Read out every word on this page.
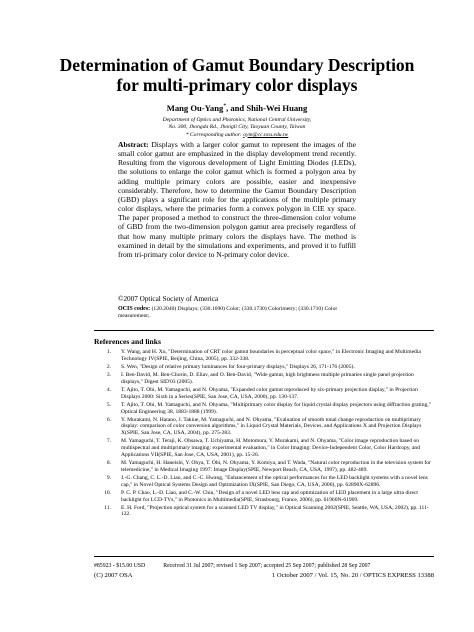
Determination of Gamut Boundary Description
for multi-primary color displays
Mang Ou-Yang*, and Shih-Wei Huang
Department of Optics and Photonics, National Central University,
No. 300, Jhongda Rd., Jhongli City, Taoyuan County, Taiwan
* Corresponding author: oym@cc.ncu.edu.tw
Abstract: Displays with a larger color gamut to represent the images of the small color gamut are emphasized in the display development trend recently. Resulting from the vigorous development of Light Emitting Diodes (LEDs), the solutions to enlarge the color gamut which is formed a polygon area by adding multiple primary colors are possible, easier and inexpensive considerably. Therefore, how to determine the Gamut Boundary Description (GBD) plays a significant role for the applications of the multiple primary color displays, where the primaries form a convex polygon in CIE xy space. The paper proposed a method to construct the three-dimension color volume of GBD from the two-dimension polygon gamut area precisely regardless of that how many multiple primary colors the displays have. The method is examined in detail by the simulations and experiments, and proved it to fulfill from tri-primary color device to N-primary color device.
©2007 Optical Society of America
OCIS codes: (120.2040) Displays; (330.1690) Color; (330.1730) Colorimetry; (330.1710) Color measurement;.
References and links
1.	Y. Wang, and H. Xu, "Determination of CRT color gamut boundaries in perceptual color space," in Electronic Imaging and Multimedia Technology IV(SPIE, Beijing, China, 2005), pp. 332-338.
2.	S. Wen, "Design of relative primary luminances for four-primary displays," Displays 26, 171-176 (2005).
3.	I. Ben-David, M. Ben-Chorin, D. Eliav, and O. Ben-David, "Wide gamut, high brightness multiple primaries single panel projection displays," Digest SID'03 (2005).
4.	T. Ajito, T. Obi, M. Yamaguchi, and N. Ohyama, "Expanded color gamut reproduced by six-primary projection display," in Projection Displays 2000: Sixth in a Series(SPIE, San Jose, CA, USA, 2000), pp. 130-137.
5.	T. Ajito, T. Obi, M. Yamaguchi, and N. Ohyama, "Multiprimary color display for liquid crystal display projectors using diffraction grating," Optical Engineering 38, 1883-1888 (1999).
6.	Y. Murakami, N. Hatano, J. Takiue, M. Yamaguchi, and N. Ohyama, "Evaluation of smooth tonal change reproduction on multiprimary display: comparison of color conversion algorithms," in Liquid Crystal Materials, Devices, and Applications X and Projection Displays X(SPIE, San Jose, CA, USA, 2004), pp. 275-283.
7.	M. Yamaguchi, T. Teraji, K. Ohsawa, T. Uchiyama, H. Motomura, Y. Murakami, and N. Ohyama, "Color image reproduction based on multispectral and multiprimary imaging: experimental evaluation," in Color Imaging: Device-Independent Color, Color Hardcopy, and Applications VII(SPIE, San Jose, CA, USA, 2001), pp. 15-26.
8.	M. Yamaguchi, H. Haneishi, Y. Ohya, T. Obi, N. Ohyama, Y. Komiya, and T. Wada, "Natural color reproduction in the television system for telemedicine," in Medical Imaging 1997: Image Display(SPIE, Newport Beach, CA, USA, 1997), pp. 482-489.
9.	J.-G. Chang, C. L.-D. Liao, and C.-C. Hwang, "Enhancement of the optical performances for the LED backlight systems with a novel lens cap," in Novel Optical Systems Design and Optimization IX(SPIE, San Diego, CA, USA, 2006), pp. 62890X-62896.
10.	P. C. P. Chao, L.-D. Liao, and C.-W. Chiu, "Design of a novel LED lens cap and optimization of LED placement in a large ultra direct backlight for LCD-TVs," in Photonics in Multimedia(SPIE, Strasbourg, France, 2006), pp. 61960N-61969.
11.	E. H. Ford, "Projection optical system for a scanned LED TV display," in Optical Scanning 2002(SPIE, Seattle, WA, USA, 2002), pp. 111-122.
#85923 - $15.00 USD	Received 31 Jul 2007; revised 1 Sep 2007; accepted 25 Sep 2007; published 28 Sep 2007
(C) 2007 OSA	1 October 2007 / Vol. 15, No. 20 / OPTICS EXPRESS 13388
